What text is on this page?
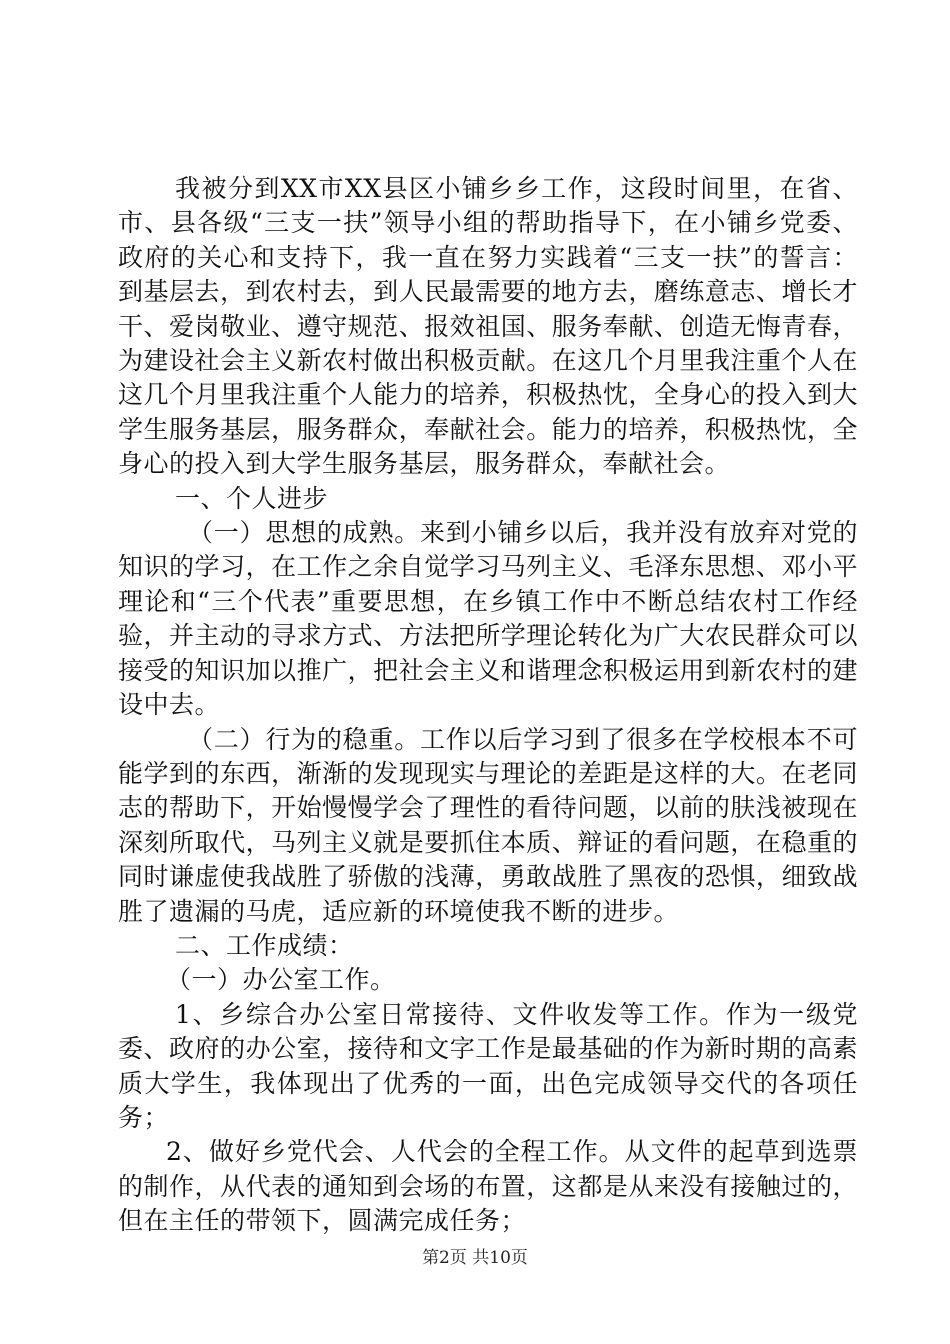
我被分到XX市XX县区小铺乡乡工作，这段时间里，在省、市、县各级“三支一扶”领导小组的帮助指导下，在小铺乡党委、政府的关心和支持下，我一直在努力实践着“三支一扶”的誓言：到基层去，到农村去，到人民最需要的地方去，磨练意志、增长才干、爱岗敬业、遵守规范、报效祖国、服务奉献、创造无悔青春，为建设社会主义新农村做出积极贡献。在这几个月里我注重个人在这几个月里我注重个人能力的培养，积极热忱，全身心的投入到大学生服务基层，服务群众，奉献社会。能力的培养，积极热忱，全身心的投入到大学生服务基层，服务群众，奉献社会。

一、个人进步

（一）思想的成熟。来到小铺乡以后，我并没有放弃对党的知识的学习，在工作之余自觉学习马列主义、毛泽东思想、邓小平理论和“三个代表”重要思想，在乡镇工作中不断总结农村工作经验，并主动的寻求方式、方法把所学理论转化为广大农民群众可以接受的知识加以推广，把社会主义和谐理念积极运用到新农村的建设中去。

（二）行为的稳重。工作以后学习到了很多在学校根本不可能学到的东西，渐渐的发现现实与理论的差距是这样的大。在老同志的帮助下，开始慢慢学会了理性的看待问题，以前的肤浅被现在深刻所取代，马列主义就是要抓住本质、辩证的看问题，在稳重的同时谦虚使我战胜了骄傲的浅薄，勇敢战胜了黑夜的恐惧，细致战胜了遗漏的马虎，适应新的环境使我不断的进步。

二、工作成绩：

（一）办公室工作。

1、乡综合办公室日常接待、文件收发等工作。作为一级党委、政府的办公室，接待和文字工作是最基础的作为新时期的高素质大学生，我体现出了优秀的一面，出色完成领导交代的各项任务；

2、做好乡党代会、人代会的全程工作。从文件的起草到选票的制作，从代表的通知到会场的布置，这都是从来没有接触过的，但在主任的带领下，圆满完成任务；

第2页 共10页
